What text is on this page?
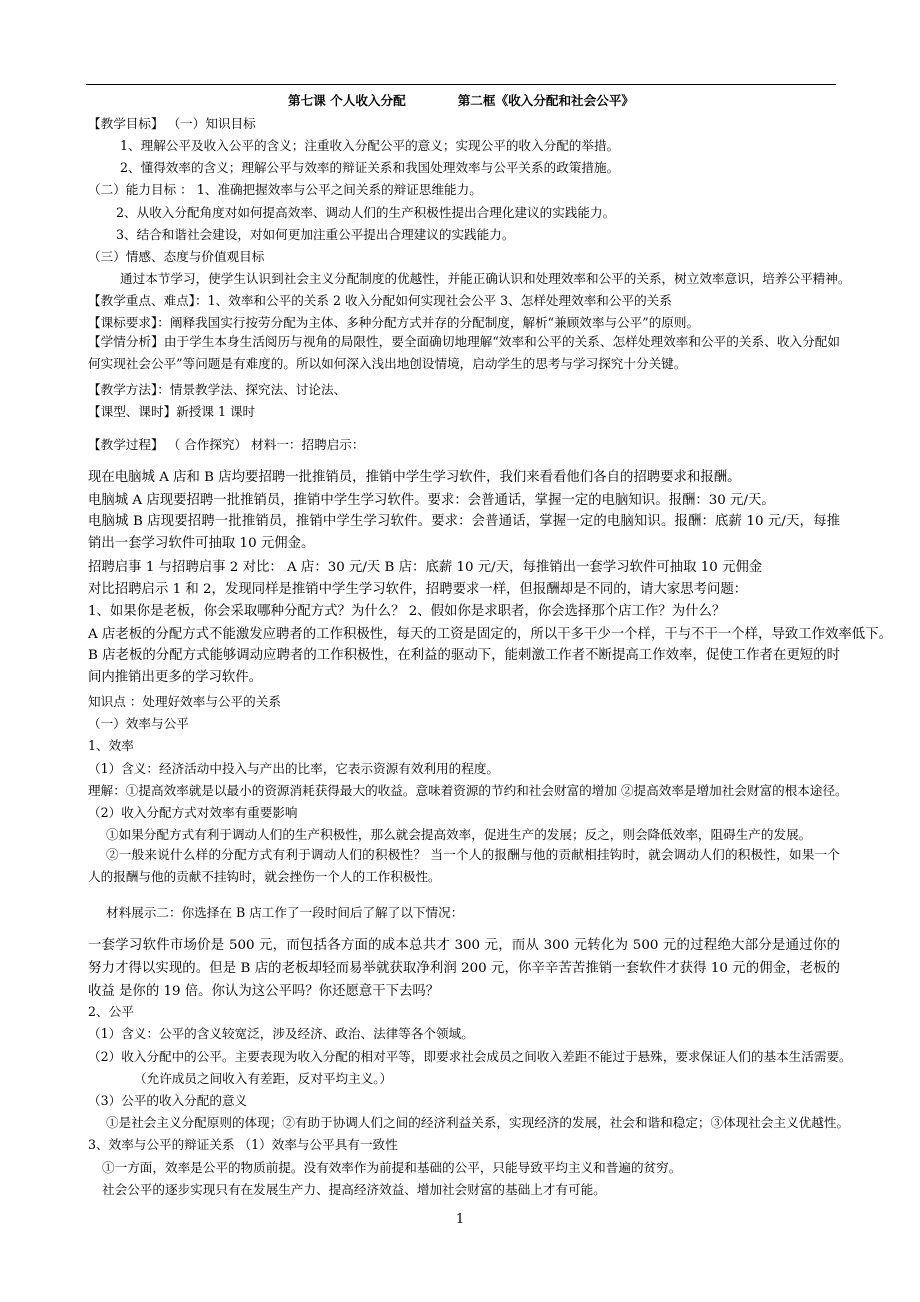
第七课 个人收入分配	第二框《收入分配和社会公平》
【教学目标】 （一）知识目标
1、理解公平及收入公平的含义；注重收入分配公平的意义；实现公平的收入分配的举措。
2、懂得效率的含义；理解公平与效率的辩证关系和我国处理效率与公平关系的政策措施。
（二）能力目标 ： 1、准确把握效率与公平之间关系的辩证思维能力。
2、从收入分配角度对如何提高效率、调动人们的生产积极性提出合理化建议的实践能力。
3、结合和谐社会建设，对如何更加注重公平提出合理建议的实践能力。
（三）情感、态度与价值观目标
通过本节学习，使学生认识到社会主义分配制度的优越性，并能正确认识和处理效率和公平的关系，树立效率意识，培养公平精神。
【教学重点、难点】：1、效率和公平的关系 2 收入分配如何实现社会公平 3、怎样处理效率和公平的关系
【课标要求】：阐释我国实行按劳分配为主体、多种分配方式并存的分配制度，解析“兼顾效率与公平”的原则。
【学情分析】由于学生本身生活阅历与视角的局限性，要全面确切地理解“效率和公平的关系、怎样处理效率和公平的关系、收入分配如何实现社会公平”等问题是有难度的。所以如何深入浅出地创设情境，启动学生的思考与学习探究十分关键。
【教学方法】：情景教学法、探究法、讨论法、
【课型、课时】新授课 1 课时
【教学过程】 （ 合作探究） 材料一：招聘启示：
现在电脑城 A 店和 B 店均要招聘一批推销员，推销中学生学习软件，我们来看看他们各自的招聘要求和报酬。
电脑城 A 店现要招聘一批推销员，推销中学生学习软件。要求：会普通话，掌握一定的电脑知识。报酬：30 元/天。
电脑城 B 店现要招聘一批推销员，推销中学生学习软件。要求：会普通话，掌握一定的电脑知识。报酬：底薪 10 元/天，每推销出一套学习软件可抽取 10 元佣金。
招聘启事 1 与招聘启事 2 对比： A 店：30 元/天 B 店：底薪 10 元/天，每推销出一套学习软件可抽取 10 元佣金
对比招聘启示 1 和 2，发现同样是推销中学生学习软件，招聘要求一样，但报酬却是不同的，请大家思考问题：
1、如果你是老板，你会采取哪种分配方式？为什么？ 2、假如你是求职者，你会选择那个店工作？为什么？
A 店老板的分配方式不能激发应聘者的工作积极性，每天的工资是固定的，所以干多干少一个样，干与不干一个样，导致工作效率低下。
B 店老板的分配方式能够调动应聘者的工作积极性，在利益的驱动下，能刺激工作者不断提高工作效率，促使工作者在更短的时间内推销出更多的学习软件。
知识点 ：处理好效率与公平的关系
（一）效率与公平
1、效率
（1）含义：经济活动中投入与产出的比率，它表示资源有效利用的程度。
理解：①提高效率就是以最小的资源消耗获得最大的收益。意味着资源的节约和社会财富的增加 ②提高效率是增加社会财富的根本途径。
（2）收入分配方式对效率有重要影响
①如果分配方式有利于调动人们的生产积极性，那么就会提高效率，促进生产的发展；反之，则会降低效率，阻碍生产的发展。
②一般来说什么样的分配方式有利于调动人们的积极性？ 当一个人的报酬与他的贡献相挂钩时，就会调动人们的积极性，如果一个人的报酬与他的贡献不挂钩时，就会挫伤一个人的工作积极性。
材料展示二：你选择在 B 店工作了一段时间后了解了以下情况：
一套学习软件市场价是 500 元，而包括各方面的成本总共才 300 元，而从 300 元转化为 500 元的过程绝大部分是通过你的努力才得以实现的。但是 B 店的老板却轻而易举就获取净利润 200 元，你辛辛苦苦推销一套软件才获得 10 元的佣金，老板的收益 是你的 19 倍。你认为这公平吗？你还愿意干下去吗？
2、公平
（1）含义：公平的含义较宽泛，涉及经济、政治、法律等各个领域。
（2）收入分配中的公平。主要表现为收入分配的相对平等，即要求社会成员之间收入差距不能过于悬殊，要求保证人们的基本生活需要。
（允许成员之间收入有差距，反对平均主义。）
（3）公平的收入分配的意义
①是社会主义分配原则的体现；②有助于协调人们之间的经济利益关系，实现经济的发展，社会和谐和稳定；③体现社会主义优越性。
3、效率与公平的辩证关系 （1）效率与公平具有一致性
①一方面，效率是公平的物质前提。没有效率作为前提和基础的公平，只能导致平均主义和普遍的贫穷。
社会公平的逐步实现只有在发展生产力、提高经济效益、增加社会财富的基础上才有可能。
1
